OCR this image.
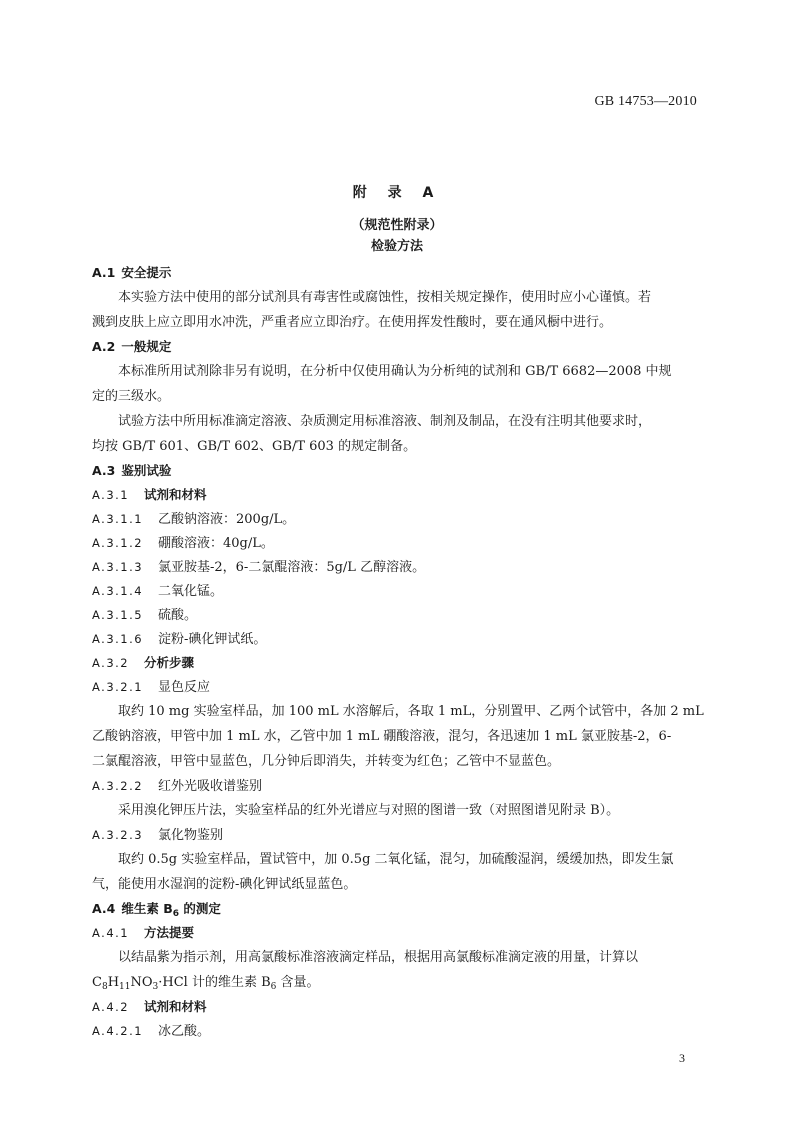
GB 14753—2010
附 录 A
（规范性附录）
检验方法
A.1 安全提示
本实验方法中使用的部分试剂具有毒害性或腐蚀性，按相关规定操作，使用时应小心谨慎。若
溅到皮肤上应立即用水冲洗，严重者应立即治疗。在使用挥发性酸时，要在通风橱中进行。
A.2 一般规定
本标准所用试剂除非另有说明，在分析中仅使用确认为分析纯的试剂和 GB/T 6682—2008 中规
定的三级水。
试验方法中所用标准滴定溶液、杂质测定用标准溶液、制剂及制品，在没有注明其他要求时，
均按 GB/T 601、GB/T 602、GB/T 603 的规定制备。
A.3 鉴别试验
A.3.1 试剂和材料
A.3.1.1 乙酸钠溶液：200g/L。
A.3.1.2 硼酸溶液：40g/L。
A.3.1.3 氯亚胺基-2，6-二氯醌溶液：5g/L 乙醇溶液。
A.3.1.4 二氧化锰。
A.3.1.5 硫酸。
A.3.1.6 淀粉-碘化钾试纸。
A.3.2 分析步骤
A.3.2.1 显色反应
取约 10 mg 实验室样品，加 100 mL 水溶解后，各取 1 mL，分别置甲、乙两个试管中，各加 2 mL
乙酸钠溶液，甲管中加 1 mL 水，乙管中加 1 mL 硼酸溶液，混匀，各迅速加 1 mL 氯亚胺基-2，6-
二氯醌溶液，甲管中显蓝色，几分钟后即消失，并转变为红色；乙管中不显蓝色。
A.3.2.2 红外光吸收谱鉴别
采用溴化钾压片法，实验室样品的红外光谱应与对照的图谱一致（对照图谱见附录 B）。
A.3.2.3 氯化物鉴别
取约 0.5g 实验室样品，置试管中，加 0.5g 二氧化锰，混匀，加硫酸湿润，缓缓加热，即发生氯
气，能使用水湿润的淀粉-碘化钾试纸显蓝色。
A.4 维生素 $B_6$ 的测定
A.4.1 方法提要
以结晶紫为指示剂，用高氯酸标准溶液滴定样品，根据用高氯酸标准滴定液的用量，计算以
$C_8H_{11}NO_3\cdot HCl$ 计的维生素 $B_6$ 含量。
A.4.2 试剂和材料
A.4.2.1 冰乙酸。
3
